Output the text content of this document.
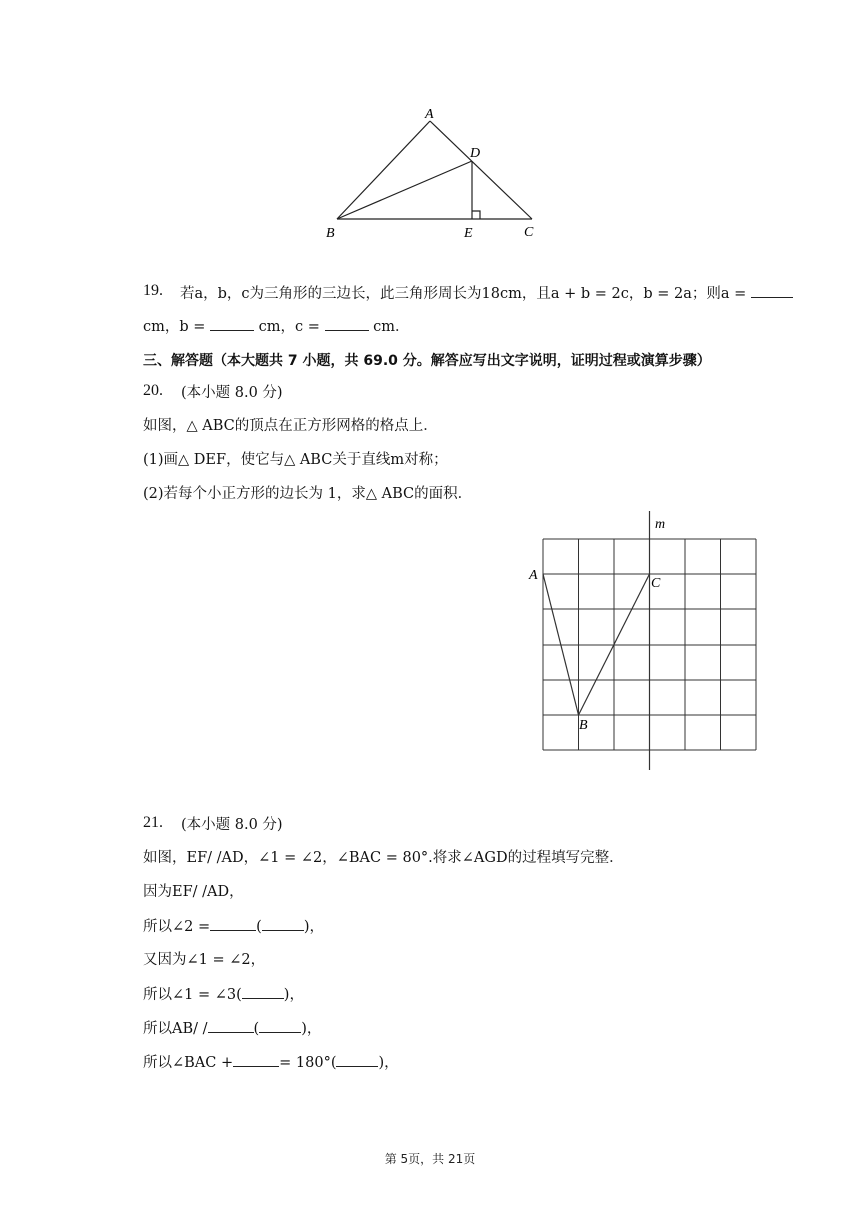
A
D
B	E	C
19. 若a，b，c为三角形的三边长，此三角形周长为18cm，且a + b = 2c，b = 2a；则a =
cm，b =	cm，c =	cm．
三、解答题（本大题共 7 小题，共 69.0 分。解答应写出文字说明，证明过程或演算步骤）
20. (本小题 8.0 分)
如图，△ ABC的顶点在正方形网格的格点上．
(1)画△ DEF，使它与△ ABC关于直线m对称；
(2)若每个小正方形的边长为 1，求△ ABC的面积．
m
A
C
B
21. (本小题 8.0 分)
如图，EF/ /AD，∠1 = ∠2，∠BAC = 80°.将求∠AGD的过程填写完整．
因为EF/ /AD，
所以∠2 =	(	)，
又因为∠1 = ∠2，
所以∠1 = ∠3(	)，
所以AB/ /	(	)，
所以∠BAC +	= 180°(	)，
第 5页，共 21页
